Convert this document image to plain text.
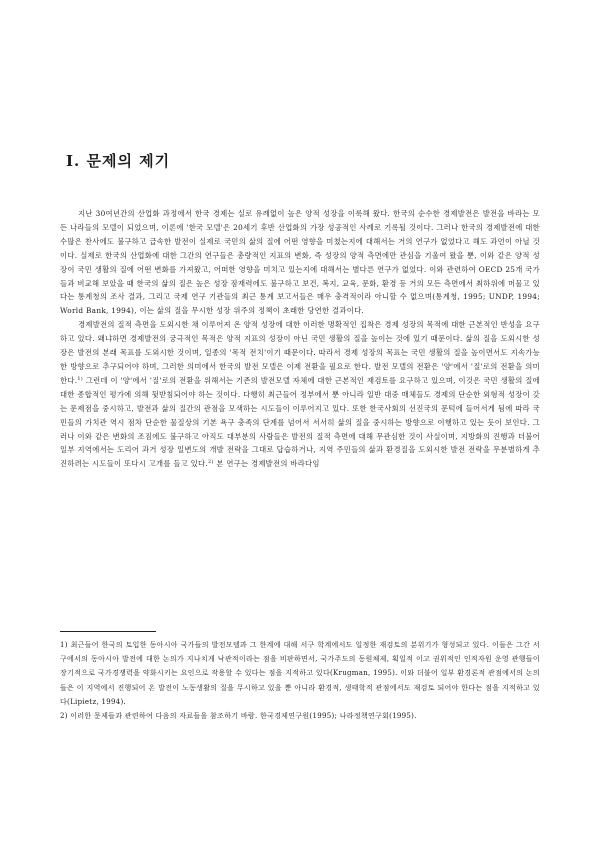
Ⅰ. 문제의 제기

지난 30여년간의 산업화 과정에서 한국 경제는 실로 유례없이 높은 양적 성장을 이룩해 왔다. 한국의 순수한 경제발전은 발전을 바라는 모든 나라들의 모델이 되었으며, 이론에 '한국 모델'은 20세기 후반 산업화의 가장 성공적인 사례로 기록될 것이다. 그러나 한국의 경제발전에 대한 수많은 찬사에도 불구하고 급속한 발전이 실제로 국민의 삶의 질에 어떤 영향을 미쳤는지에 대해서는 거의 연구가 없었다고 해도 과언이 아닐 것이다. 실제로 한국의 산업화에 대한 그간의 연구들은 총량적인 지표의 변화, 즉 성장의 양적 측면에만 관심을 기울여 왔을 뿐, 이와 같은 양적 성장이 국민 생활의 질에 어떤 변화를 가져왔고, 어떠한 영향을 미치고 있는지에 대해서는 별다른 연구가 없었다. 이와 관련하여 OECD 25개 국가들과 비교해 보았을 때 한국의 삶의 질은 높은 성장 잠재력에도 불구하고 보건, 복지, 교육, 문화, 환경 등 거의 모든 측면에서 최하위에 머물고 있다는 통계청의 조사 결과, 그리고 국제 연구 기관들의 최근 통계 보고서들은 매우 충격적이라 아니할 수 없으며(통계청, 1995; UNDP, 1994; World Bank, 1994), 이는 삶의 질을 무시한 성장 위주의 정책이 초래한 당연한 결과이다.

경제발전의 질적 측면을 도외시한 채 이루어져 온 양적 성장에 대한 이러한 명확적인 집착은 경제 성장의 목적에 대한 근본적인 반성을 요구하고 있다. 왜냐하면 경제발전의 궁극적인 목적은 양적 지표의 성장이 아닌 국민 생활의 질을 높이는 것에 있기 때문이다. 삶의 질을 도외시한 성장은 발전의 본래 목표를 도외시한 것이며, 일종의 '목적 전치'이기 때문이다. 따라서 경제 성장의 목표는 국민 생활의 질을 높이면서도 지속가능한 방향으로 추구되어야 하며, 그러한 의미에서 한국의 발전 모델은 이제 전환을 필요로 한다. 발전 모델의 전환은 '양'에서 '질'로의 전환을 의미한다.$^{1)}$ 그런데 이 '양'에서 '질'로의 전환을 위해서는 기존의 발전모델 자체에 대한 근본적인 재검토를 요구하고 있으며, 이것은 국민 생활의 질에 대한 종합적인 평가에 의해 뒷받침되어야 하는 것이다. 다행히 최근들어 정부에서 뿐 아니라 일반 대중 매체들도 경제의 단순한 외형적 성장이 갖는 문제점을 중시하고, 발전과 삶의 질간의 관점을 모색하는 시도들이 이루어지고 있다. 또한 한국사회의 선진국의 문턱에 들어서게 됨에 따라 국민들의 가치관 역시 점차 단순한 물질상의 기본 욕구 충족의 단계를 넘어서 서서히 삶의 질을 중시하는 방향으로 이행하고 있는 듯이 보인다. 그러나 이와 같은 변화의 조짐에도 불구하고 아직도 대부분의 사람들은 발전의 질적 측면에 대해 무관심한 것이 사실이며, 지방화의 진행과 더불어 일부 지역에서는 도리어 과거 성장 일변도의 개발 전략을 그대로 답습하거나, 지역 주민들의 삶과 환경질을 도외시한 발전 전략을 무분별하게 추진하려는 시도들이 또다시 고개를 들고 있다.$^{2)}$ 본 연구는 경제발전의 바라다임

1) 최근들어 한국의 토입한 동아시아 국가들의 발전모델과 그 한계에 대해 서구 학계에서도 일정한 재검토의 분위기가 형성되고 있다. 이들은 그간 서구에서의 동아시아 발전에 대한 논의가 지나치게 낙관적이라는 점을 비판하면서, 국가주도의 동원체제, 획일적 이고 권위적인 인적자원 운영 관행들이 장기적으로 국가경쟁력을 약화시키는 요인으로 작용할 수 있다는 점을 지적하고 있다(Krugman, 1995). 이와 더불어 일부 환경론적 관점에서의 논의들은 이 지역에서 진행되어 온 발전이 노동생활의 질을 무시하고 있을 뿐 아니라 환경적, 생태학적 관점에서도 재검토 되어야 한다는 점을 지적하고 있다(Lipietz, 1994).

2) 이러한 문제들과 관련하여 다음의 자료들을 참조하기 바람. 한국경제연구원(1995); 나라정책연구회(1995).
